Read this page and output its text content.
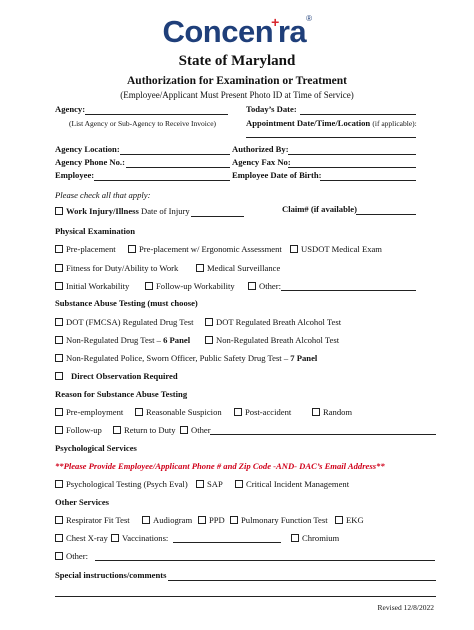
Concen+ra®
State of Maryland
Authorization for Examination or Treatment
(Employee/Applicant Must Present Photo ID at Time of Service)
Agency:	Today’s Date:
(List Agency or Sub-Agency to Receive Invoice)	Appointment Date/Time/Location (if applicable):
Agency Location:	Authorized By:
Agency Phone No.:	Agency Fax No:
Employee:	Employee Date of Birth:
Please check all that apply:
Work Injury/Illness Date of Injury	Claim# (if available)
Physical Examination
Pre-placement	Pre-placement w/ Ergonomic Assessment USDOT Medical Exam
Fitness for Duty/Ability to Work	Medical Surveillance
Initial Workability	Follow-up Workability	Other:
Substance Abuse Testing (must choose)
DOT (FMCSA) Regulated Drug Test	DOT Regulated Breath Alcohol Test
Non-Regulated Drug Test – 6 Panel	Non-Regulated Breath Alcohol Test
Non-Regulated Police, Sworn Officer, Public Safety Drug Test – 7 Panel
Direct Observation Required
Reason for Substance Abuse Testing
Pre-employment	Reasonable Suspicion	Post-accident	Random
Follow-up	Return to Duty Other
Psychological Services
**Please Provide Employee/Applicant Phone # and Zip Code -AND- DAC’s Email Address**
Psychological Testing (Psych Eval) SAP	Critical Incident Management
Other Services
Respirator Fit Test	Audiogram PPD Pulmonary Function Test EKG
Chest X-ray Vaccinations:	Chromium
Other:
Special instructions/comments
Revised 12/8/2022
